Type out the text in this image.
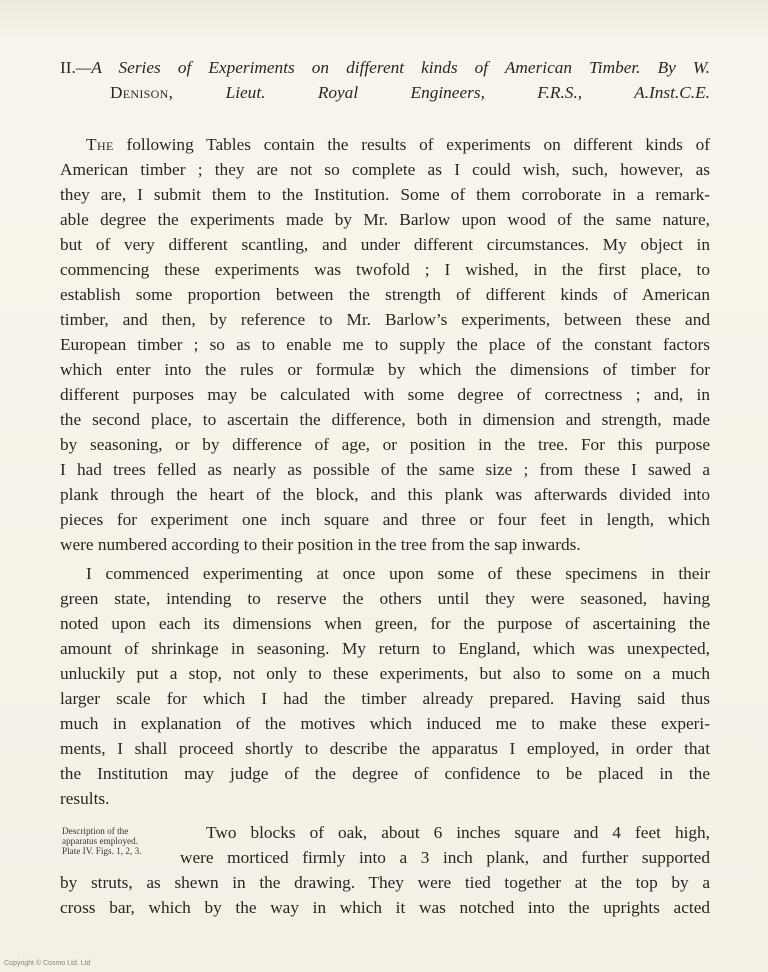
II.—A Series of Experiments on different kinds of American Timber. By W.
Denison,	Lieut. Royal Engineers, F.R.S., A.Inst.C.E.
The following Tables contain the results of experiments on different kinds of
American timber ; they are not so complete as I could wish, such, however, as
they are, I submit them to the Institution. Some of them corroborate in a remark-
able degree the experiments made by Mr. Barlow upon wood of the same nature,
but of very different scantling, and under different circumstances. My object in
commencing these experiments was twofold ; I wished, in the first place, to
establish some proportion between the strength of different kinds of American
timber, and then, by reference to Mr. Barlow’s experiments, between these and
European timber ; so as to enable me to supply the place of the constant factors
which enter into the rules or formulæ by which the dimensions of timber for
different purposes may be calculated with some degree of correctness ; and, in
the second place, to ascertain the difference, both in dimension and strength, made
by seasoning, or by difference of age, or position in the tree. For this purpose
I had trees felled as nearly as possible of the same size ; from these I sawed a
plank through the heart of the block, and this plank was afterwards divided into
pieces for experiment one inch square and three or four feet in length, which
were numbered according to their position in the tree from the sap inwards.
I commenced experimenting at once upon some of these specimens in their
green state, intending to reserve the others until they were seasoned, having
noted upon each its dimensions when green, for the purpose of ascertaining the
amount of shrinkage in seasoning. My return to England, which was unexpected,
unluckily put a stop, not only to these experiments, but also to some on a much
larger scale for which I had the timber already prepared. Having said thus
much in explanation of the motives which induced me to make these experi-
ments, I shall proceed shortly to describe the apparatus I employed, in order that
the Institution may judge of the degree of confidence to be placed in the
results.
Description of the
apparatus employed.
Plate IV. Figs. 1, 2, 3.
Two blocks of oak, about 6 inches square and 4 feet high,
were morticed firmly into a 3 inch plank, and further supported
by struts, as shewn in the drawing. They were tied together at the top by a
cross bar, which by the way in which it was notched into the uprights acted
Copyright © Cosmo Ltd. Ltd
